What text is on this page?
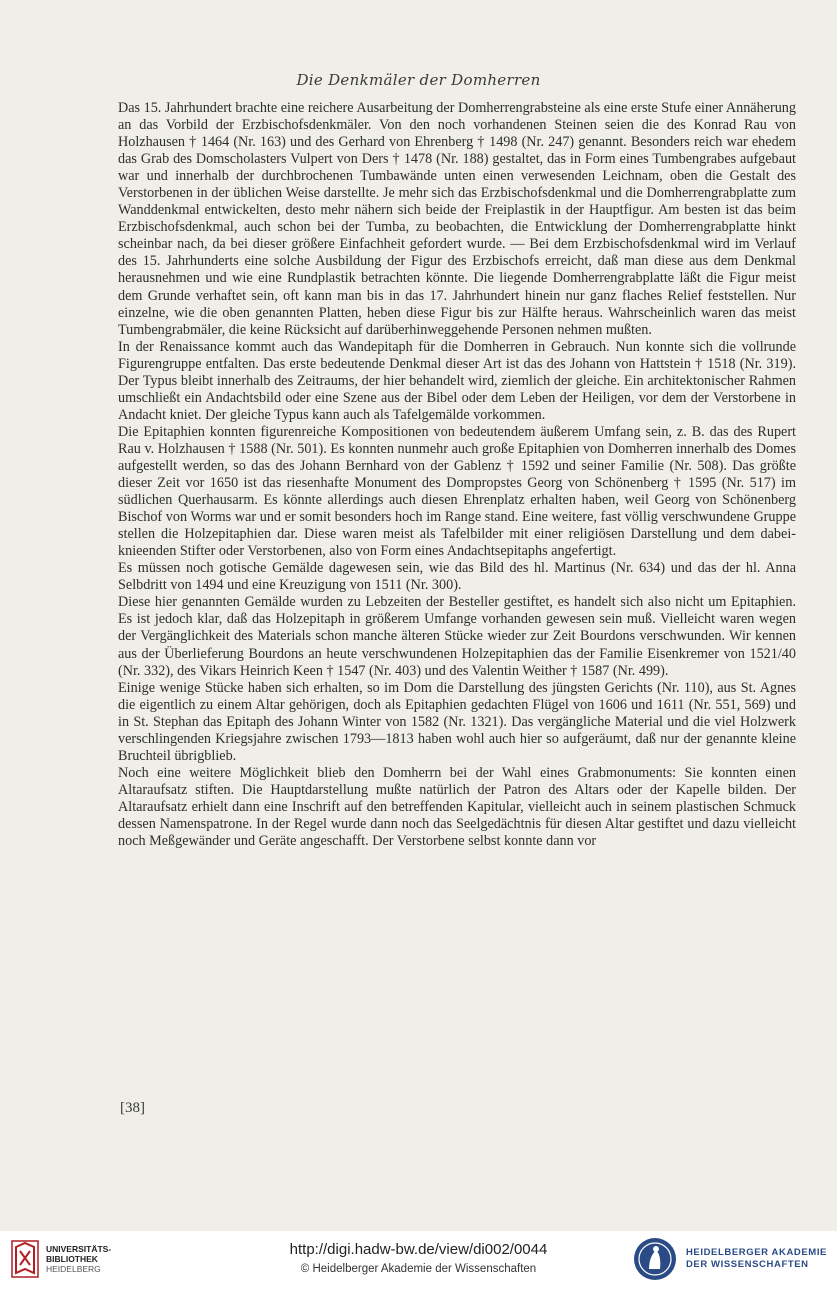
Die Denkmäler der Domherren

Das 15. Jahrhundert brachte eine reichere Ausarbeitung der Domherrengrabsteine als eine erste Stufe einer Annäherung an das Vorbild der Erzbischofsdenkmäler. Von den noch vorhandenen Steinen seien die des Konrad Rau von Holzhausen † 1464 (Nr. 163) und des Gerhard von Ehrenberg † 1498 (Nr. 247) genannt. Besonders reich war ehedem das Grab des Domscholasters Vulpert von Ders † 1478 (Nr. 188) gestaltet, das in Form eines Tumbengrabes aufgebaut war und innerhalb der durchbrochenen Tumbawände unten einen verwesenden Leichnam, oben die Gestalt des Verstorbenen in der üblichen Weise darstellte. Je mehr sich das Erzbischofsdenkmal und die Domherrengrabplatte zum Wanddenkmal entwickelten, desto mehr nähern sich beide der Freiplastik in der Hauptfigur. Am besten ist das beim Erzbischofsdenkmal, auch schon bei der Tumba, zu beobachten, die Entwicklung der Domherrengrabplatte hinkt scheinbar nach, da bei dieser größere Einfachheit gefordert wurde. — Bei dem Erzbischofsdenkmal wird im Verlauf des 15. Jahrhunderts eine solche Ausbildung der Figur des Erzbischofs erreicht, daß man diese aus dem Denkmal herausnehmen und wie eine Rundplastik betrachten könnte. Die liegende Domherrengrabplatte läßt die Figur meist dem Grunde verhaftet sein, oft kann man bis in das 17. Jahrhundert hinein nur ganz flaches Relief feststellen. Nur einzelne, wie die oben genannten Platten, heben diese Figur bis zur Hälfte heraus. Wahrscheinlich waren das meist Tumbengrabmäler, die keine Rücksicht auf darüberhinweggehende Personen nehmen mußten.

In der Renaissance kommt auch das Wandepitaph für die Domherren in Gebrauch. Nun konnte sich die vollrunde Figurengruppe entfalten. Das erste bedeutende Denkmal dieser Art ist das des Johann von Hattstein † 1518 (Nr. 319). Der Typus bleibt innerhalb des Zeitraums, der hier behandelt wird, ziemlich der gleiche. Ein architektonischer Rahmen umschließt ein Andachtsbild oder eine Szene aus der Bibel oder dem Leben der Heiligen, vor dem der Verstorbene in Andacht kniet. Der gleiche Typus kann auch als Tafelgemälde vorkommen.

Die Epitaphien konnten figurenreiche Kompositionen von bedeutendem äußerem Umfang sein, z. B. das des Rupert Rau v. Holzhausen † 1588 (Nr. 501). Es konnten nunmehr auch große Epitaphien von Domherren innerhalb des Domes aufgestellt werden, so das des Johann Bernhard von der Gablenz † 1592 und seiner Familie (Nr. 508). Das größte dieser Zeit vor 1650 ist das riesenhafte Monument des Dompropstes Georg von Schönenberg † 1595 (Nr. 517) im südlichen Querhausarm. Es könnte allerdings auch diesen Ehrenplatz erhalten haben, weil Georg von Schönenberg Bischof von Worms war und er somit besonders hoch im Range stand. Eine weitere, fast völlig verschwundene Gruppe stellen die Holzepitaphien dar. Diese waren meist als Tafelbilder mit einer religiösen Darstellung und dem dabei-knieenden Stifter oder Verstorbenen, also von Form eines Andachtsepitaphs angefertigt.

Es müssen noch gotische Gemälde dagewesen sein, wie das Bild des hl. Martinus (Nr. 634) und das der hl. Anna Selbdritt von 1494 und eine Kreuzigung von 1511 (Nr. 300).

Diese hier genannten Gemälde wurden zu Lebzeiten der Besteller gestiftet, es handelt sich also nicht um Epitaphien. Es ist jedoch klar, daß das Holzepitaph in größerem Umfange vorhanden gewesen sein muß. Vielleicht waren wegen der Vergänglichkeit des Materials schon manche älteren Stücke wieder zur Zeit Bourdons verschwunden. Wir kennen aus der Überlieferung Bourdons an heute verschwundenen Holzepitaphien das der Familie Eisenkremer von 1521/40 (Nr. 332), des Vikars Heinrich Keen † 1547 (Nr. 403) und des Valentin Weither † 1587 (Nr. 499).

Einige wenige Stücke haben sich erhalten, so im Dom die Darstellung des jüngsten Gerichts (Nr. 110), aus St. Agnes die eigentlich zu einem Altar gehörigen, doch als Epitaphien gedachten Flügel von 1606 und 1611 (Nr. 551, 569) und in St. Stephan das Epitaph des Johann Winter von 1582 (Nr. 1321). Das vergängliche Material und die viel Holzwerk verschlingenden Kriegsjahre zwischen 1793—1813 haben wohl auch hier so aufgeräumt, daß nur der genannte kleine Bruchteil übrigblieb.

Noch eine weitere Möglichkeit blieb den Domherrn bei der Wahl eines Grabmonuments: Sie konnten einen Altaraufsatz stiften. Die Hauptdarstellung mußte natürlich der Patron des Altars oder der Kapelle bilden. Der Altaraufsatz erhielt dann eine Inschrift auf den betreffenden Kapitular, vielleicht auch in seinem plastischen Schmuck dessen Namenspatrone. In der Regel wurde dann noch das Seelgedächtnis für diesen Altar gestiftet und dazu vielleicht noch Meßgewänder und Geräte angeschafft. Der Verstorbene selbst konnte dann vor

[38]
UNIVERSITÄTS-
BIBLIOTHEK
HEIDELBERG
http://digi.hadw-bw.de/view/di002/0044
© Heidelberger Akademie der Wissenschaften
HEIDELBERGER AKADEMIE
DER WISSENSCHAFTEN
